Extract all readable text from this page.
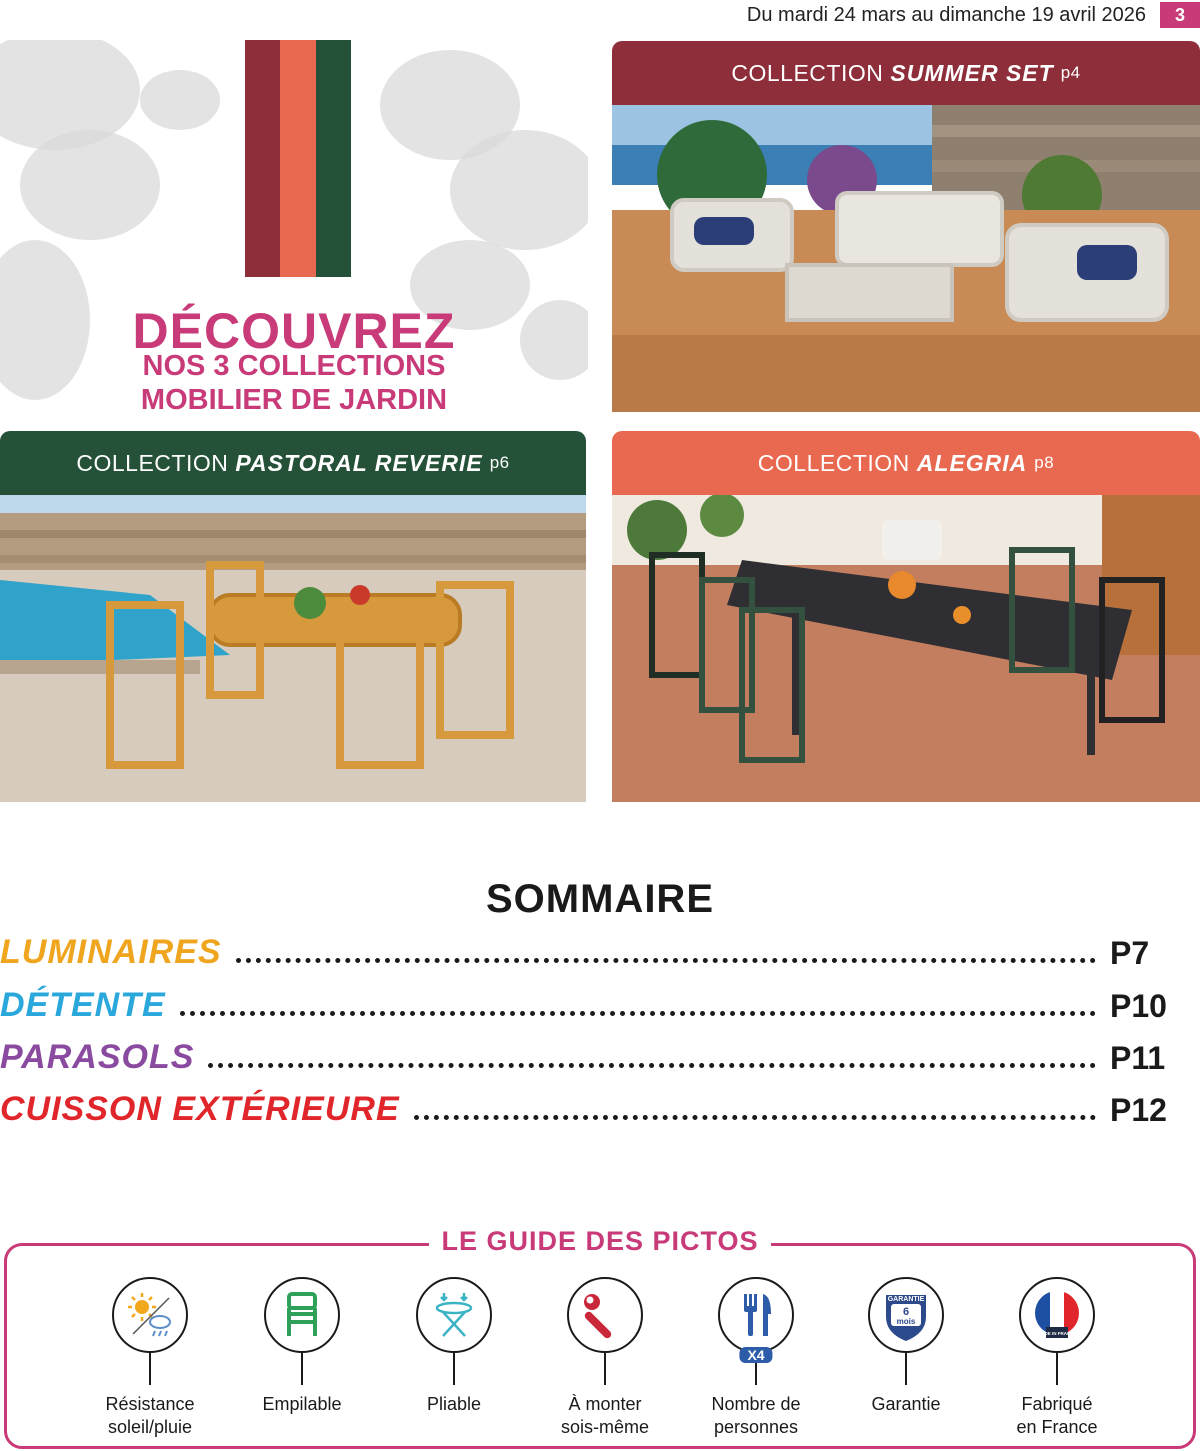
Du mardi 24 mars au dimanche 19 avril 2026	3
DÉCOUVREZ
NOS 3 COLLECTIONS
MOBILIER DE JARDIN
COLLECTION SUMMER SET p4
COLLECTION PASTORAL REVERIE p6	COLLECTION ALEGRIA p8
SOMMAIRE
LUMINAIRES	P7
DÉTENTE	P10
PARASOLS	P11
CUISSON EXTÉRIEURE	P12
LE GUIDE DES PICTOS
Résistance
soleil/pluie
Empilable	Pliable	À monter
sois-même
X4
Nombre de
personnes
GARANTIE
6
mois
Garantie
MADE IN FRANCE
Fabriqué
en France
